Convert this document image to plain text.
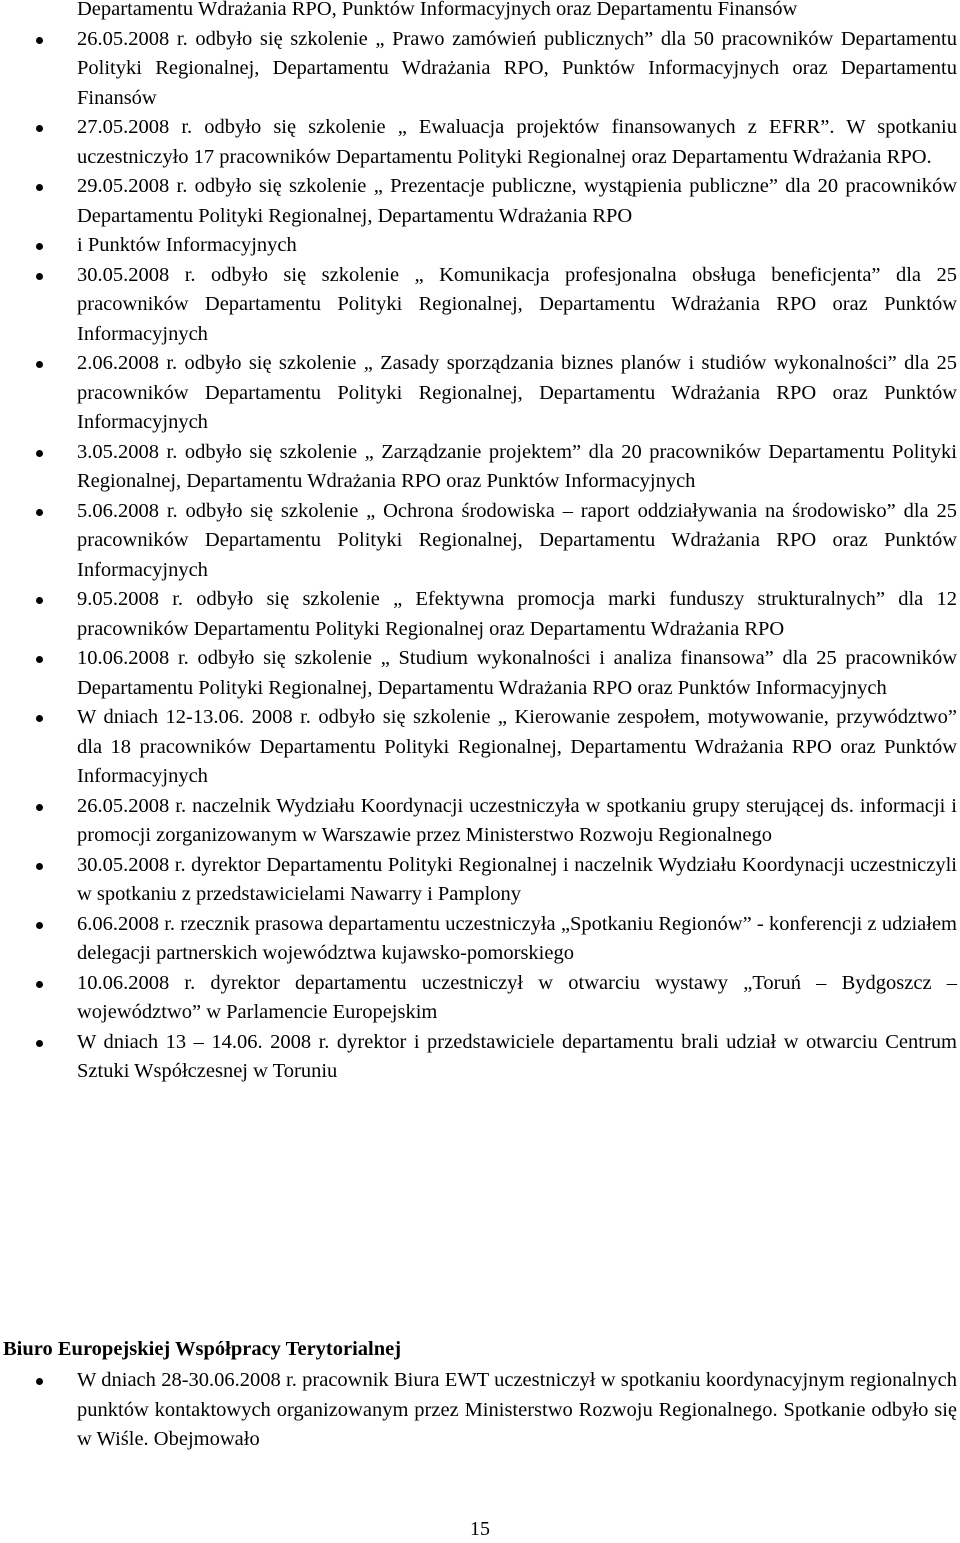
Departamentu Wdrażania RPO, Punktów Informacyjnych oraz Departamentu Finansów
26.05.2008 r. odbyło się szkolenie „ Prawo zamówień publicznych” dla 50 pracowników Departamentu Polityki Regionalnej, Departamentu Wdrażania RPO, Punktów Informacyjnych oraz Departamentu Finansów
27.05.2008 r. odbyło się szkolenie „ Ewaluacja projektów finansowanych z EFRR”. W spotkaniu uczestniczyło 17 pracowników Departamentu Polityki Regionalnej oraz Departamentu Wdrażania RPO.
29.05.2008 r. odbyło się szkolenie „ Prezentacje publiczne, wystąpienia publiczne” dla 20 pracowników Departamentu Polityki Regionalnej, Departamentu Wdrażania RPO
i Punktów Informacyjnych
30.05.2008 r. odbyło się szkolenie „ Komunikacja profesjonalna obsługa beneficjenta” dla 25 pracowników Departamentu Polityki Regionalnej, Departamentu Wdrażania RPO oraz Punktów Informacyjnych
2.06.2008 r. odbyło się szkolenie „ Zasady sporządzania biznes planów i studiów wykonalności” dla 25 pracowników Departamentu Polityki Regionalnej, Departamentu Wdrażania RPO oraz Punktów Informacyjnych
3.05.2008 r. odbyło się szkolenie „ Zarządzanie projektem” dla 20 pracowników Departamentu Polityki Regionalnej, Departamentu Wdrażania RPO oraz Punktów Informacyjnych
5.06.2008 r. odbyło się szkolenie „ Ochrona środowiska – raport oddziaływania na środowisko” dla 25 pracowników Departamentu Polityki Regionalnej, Departamentu Wdrażania RPO oraz Punktów Informacyjnych
9.05.2008 r. odbyło się szkolenie „ Efektywna promocja marki funduszy strukturalnych” dla 12 pracowników Departamentu Polityki Regionalnej oraz Departamentu Wdrażania RPO
10.06.2008 r. odbyło się szkolenie „ Studium wykonalności i analiza finansowa” dla 25 pracowników Departamentu Polityki Regionalnej, Departamentu Wdrażania RPO oraz Punktów Informacyjnych
W dniach 12-13.06. 2008 r. odbyło się szkolenie „ Kierowanie zespołem, motywowanie, przywództwo” dla 18 pracowników Departamentu Polityki Regionalnej, Departamentu Wdrażania RPO oraz Punktów Informacyjnych
26.05.2008 r. naczelnik Wydziału Koordynacji uczestniczyła w spotkaniu grupy sterującej ds. informacji i promocji zorganizowanym w Warszawie przez Ministerstwo Rozwoju Regionalnego
30.05.2008 r. dyrektor Departamentu Polityki Regionalnej i naczelnik Wydziału Koordynacji uczestniczyli w spotkaniu z przedstawicielami Nawarry i Pamplony
6.06.2008 r. rzecznik prasowa departamentu uczestniczyła „Spotkaniu Regionów” - konferencji z udziałem delegacji partnerskich województwa kujawsko-pomorskiego
10.06.2008 r. dyrektor departamentu uczestniczył w otwarciu wystawy „Toruń – Bydgoszcz – województwo” w Parlamencie Europejskim
W dniach 13 – 14.06. 2008 r. dyrektor i przedstawiciele departamentu brali udział w otwarciu Centrum Sztuki Współczesnej w Toruniu
Biuro Europejskiej Współpracy Terytorialnej
W dniach 28-30.06.2008 r. pracownik Biura EWT uczestniczył w spotkaniu koordynacyjnym regionalnych punktów kontaktowych organizowanym przez Ministerstwo Rozwoju Regionalnego. Spotkanie odbyło się w Wiśle. Obejmowało
15
